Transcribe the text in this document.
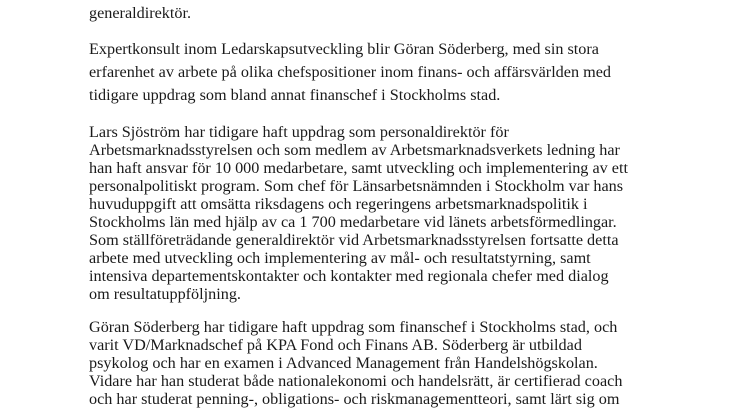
generaldirektör.
Expertkonsult inom Ledarskapsutveckling blir Göran Söderberg, med sin stora
erfarenhet av arbete på olika chefspositioner inom finans- och affärsvärlden med
tidigare uppdrag som bland annat finanschef i Stockholms stad.
Lars Sjöström har tidigare haft uppdrag som personaldirektör för
Arbetsmarknadsstyrelsen och som medlem av Arbetsmarknadsverkets ledning har
han haft ansvar för 10 000 medarbetare, samt utveckling och implementering av ett
personalpolitiskt program. Som chef för Länsarbetsnämnden i Stockholm var hans
huvuduppgift att omsätta riksdagens och regeringens arbetsmarknadspolitik i
Stockholms län med hjälp av ca 1 700 medarbetare vid länets arbetsförmedlingar.
Som ställföreträdande generaldirektör vid Arbetsmarknadsstyrelsen fortsatte detta
arbete med utveckling och implementering av mål- och resultatstyrning, samt
intensiva departementskontakter och kontakter med regionala chefer med dialog
om resultatuppföljning.
Göran Söderberg har tidigare haft uppdrag som finanschef i Stockholms stad, och
varit VD/Marknadschef på KPA Fond och Finans AB. Söderberg är utbildad
psykolog och har en examen i Advanced Management från Handelshögskolan.
Vidare har han studerat både nationalekonomi och handelsrätt, är certifierad coach
och har studerat penning-, obligations- och riskmanagementteori, samt lärt sig om
